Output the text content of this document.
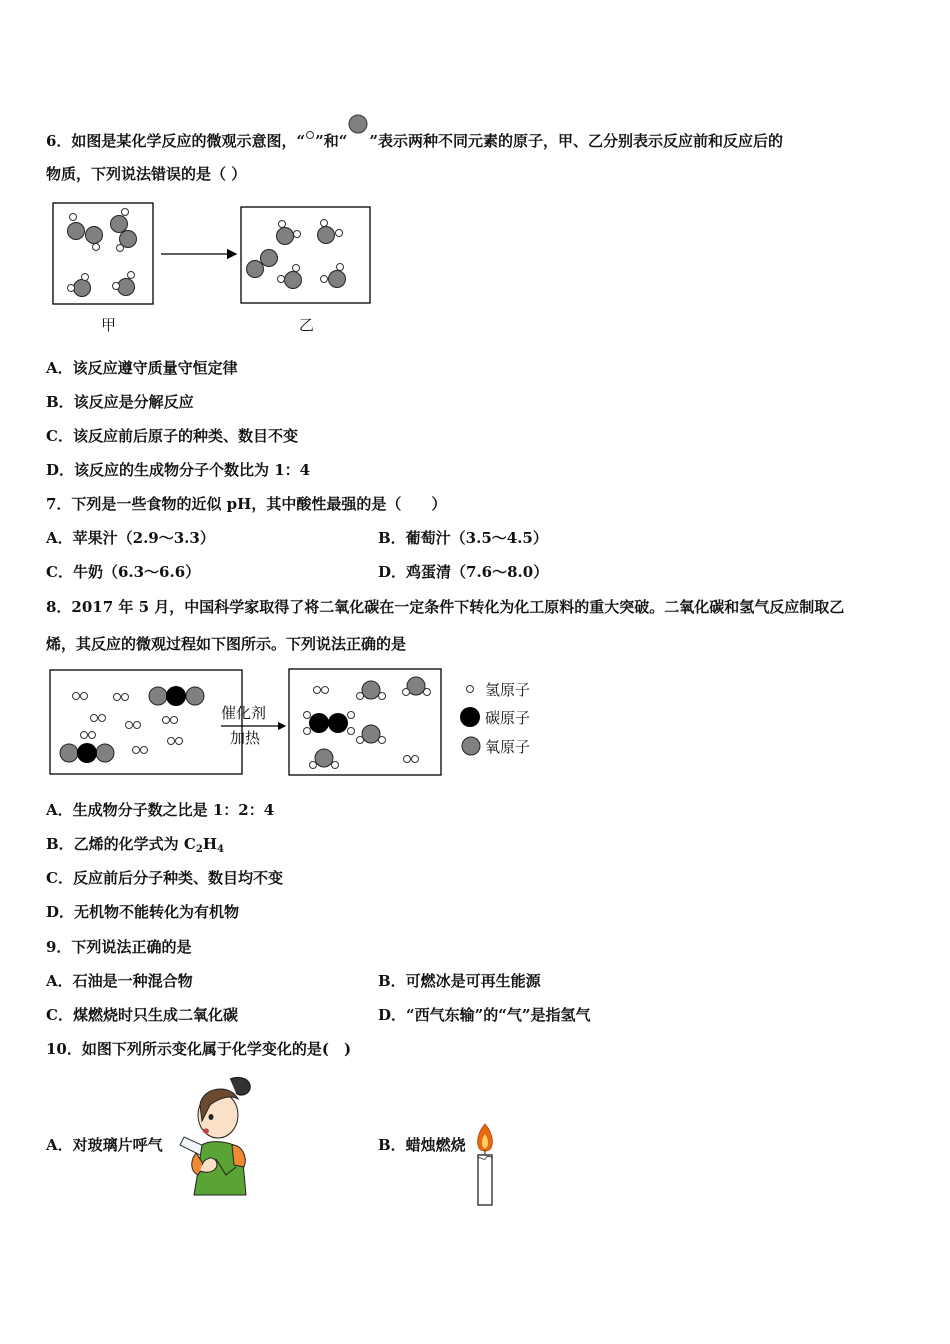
6．如图是某化学反应的微观示意图，“ ”和“ ”表示两种不同元素的原子，甲、乙分别表示反应前和反应后的
物质，下列说法错误的是（ ）
甲	乙
A．该反应遵守质量守恒定律
B．该反应是分解反应
C．该反应前后原子的种类、数目不变
D．该反应的生成物分子个数比为 1：4
7．下列是一些食物的近似 pH，其中酸性最强的是（　　）
A．苹果汁（2.9～3.3）	B．葡萄汁（3.5～4.5）
C．牛奶（6.3～6.6）	D．鸡蛋清（7.6～8.0）
8．2017 年 5 月，中国科学家取得了将二氧化碳在一定条件下转化为化工原料的重大突破。二氧化碳和氢气反应制取乙
烯，其反应的微观过程如下图所示。下列说法正确的是
催化剂
加热
氢原子
碳原子
氧原子
A．生成物分子数之比是 1：2：4
B．乙烯的化学式为 $C_2H_4$
C．反应前后分子种类、数目均不变
D．无机物不能转化为有机物
9．下列说法正确的是
A．石油是一种混合物	B．可燃冰是可再生能源
C．煤燃烧时只生成二氧化碳	D．“西气东输”的“气”是指氢气
10．如图下列所示变化属于化学变化的是(　)
A．对玻璃片呼气	B．蜡烛燃烧
